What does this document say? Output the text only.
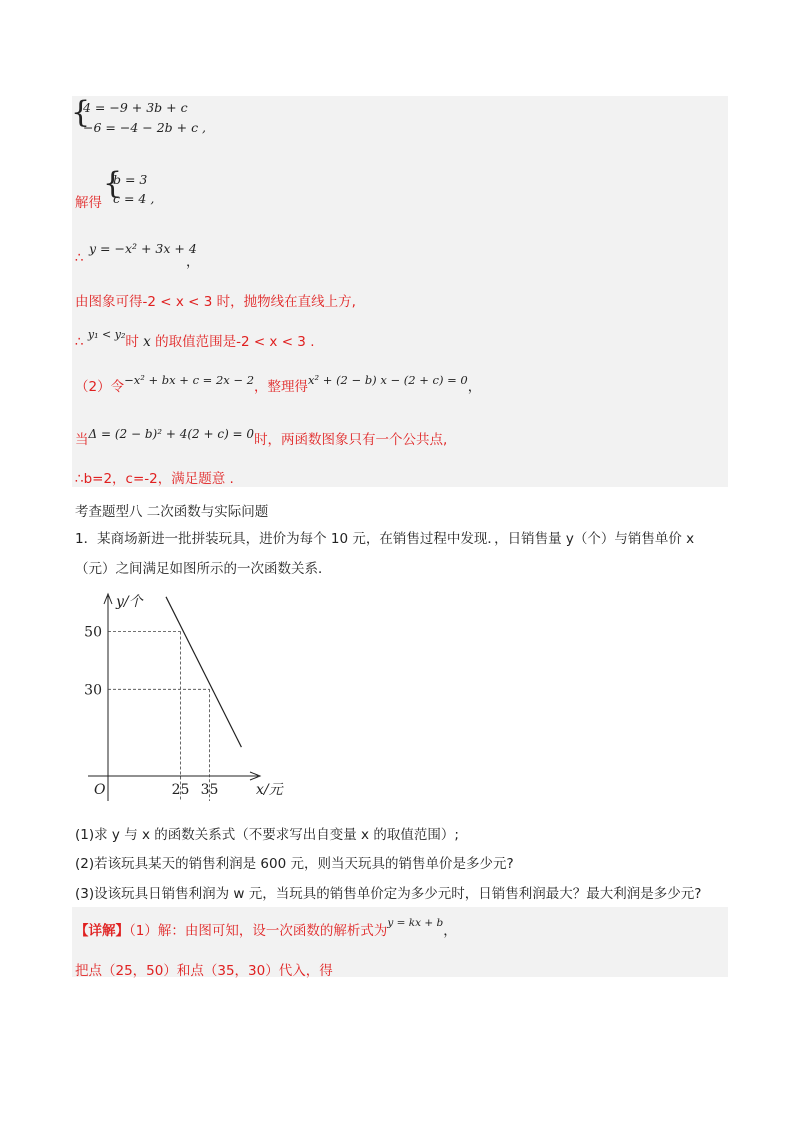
{
4 = −9 + 3b + c
−6 = −4 − 2b + c ,
解得
{
b = 3
c = 4 ,
∴
y = −x² + 3x + 4
，
由图象可得-2 < x < 3 时，抛物线在直线上方,
∴ $^{y_1 < y_2}$时 x 的取值范围是-2 < x < 3 .
（2）令−x² + bx + c = 2x − 2，整理得x² + (2 − b) x − (2 + c) = 0，
当Δ = (2 − b)² + 4(2 + c) = 0时，两函数图象只有一个公共点,
∴b=2，c=-2，满足题意 .
考查题型八 二次函数与实际问题
1．某商场新进一批拼装玩具，进价为每个 10 元，在销售过程中发现．，日销售量 y（个）与销售单价 x
（元）之间满足如图所示的一次函数关系．
y/个
x/元
O
30
50
25 35
(1)求 y 与 x 的函数关系式（不要求写出自变量 x 的取值范围）;
(2)若该玩具某天的销售利润是 600 元，则当天玩具的销售单价是多少元?
(3)设该玩具日销售利润为 w 元，当玩具的销售单价定为多少元时，日销售利润最大？最大利润是多少元?
【详解】（1）解：由图可知，设一次函数的解析式为$^{y = kx + b}$，
把点（25，50）和点（35，30）代入，得
